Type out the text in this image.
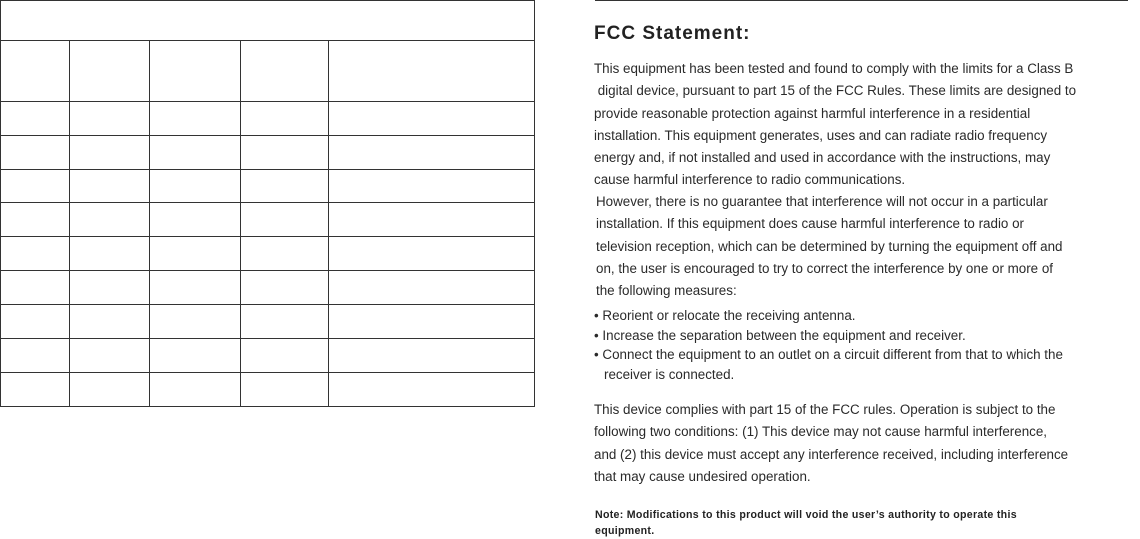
FCC Statement:

This equipment has been tested and found to comply with the limits for a Class B
digital device, pursuant to part 15 of the FCC Rules. These limits are designed to
provide reasonable protection against harmful interference in a residential
installation. This equipment generates, uses and can radiate radio frequency
energy and, if not installed and used in accordance with the instructions, may
cause harmful interference to radio communications.

However, there is no guarantee that interference will not occur in a particular
installation. If this equipment does cause harmful interference to radio or
television reception, which can be determined by turning the equipment off and
on, the user is encouraged to try to correct the interference by one or more of
the following measures:

• Reorient or relocate the receiving antenna.
• Increase the separation between the equipment and receiver.
• Connect the equipment to an outlet on a circuit different from that to which the
receiver is connected.

This device complies with part 15 of the FCC rules. Operation is subject to the
following two conditions: (1) This device may not cause harmful interference,
and (2) this device must accept any interference received, including interference
that may cause undesired operation.

Note: Modifications to this product will void the user’s authority to operate this
equipment.
